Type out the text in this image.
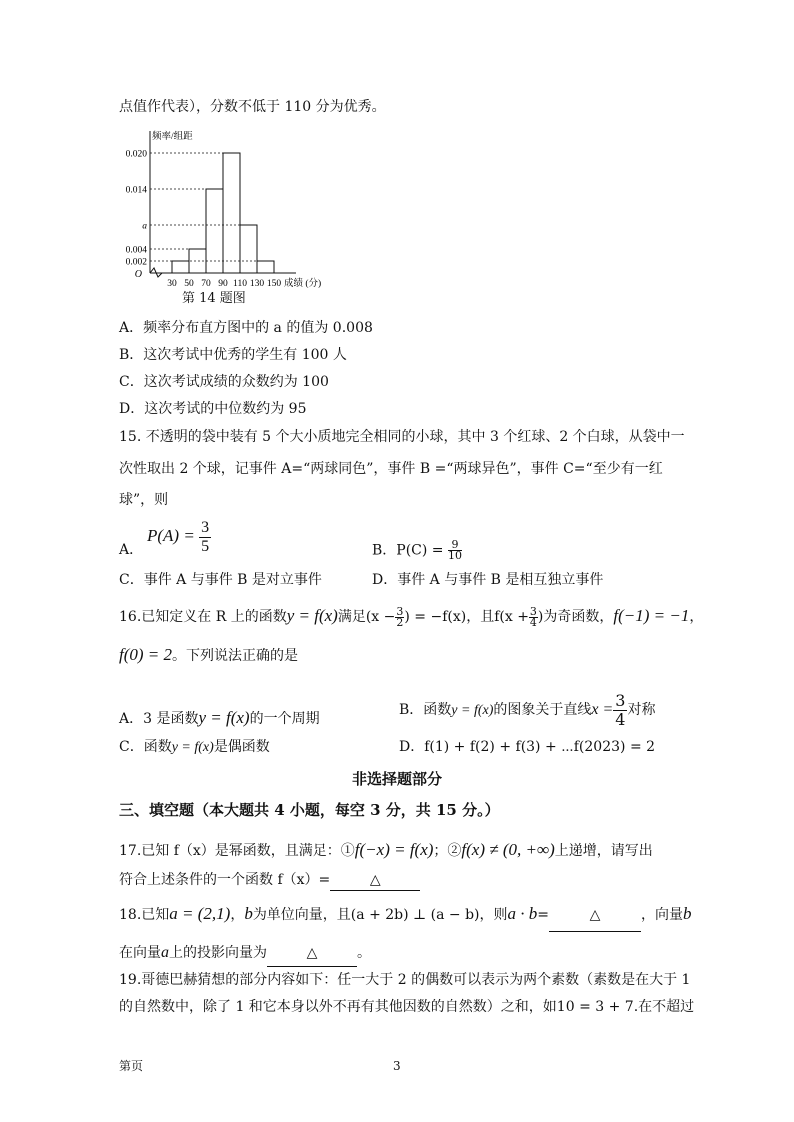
点值作代表），分数不低于 110 分为优秀。
0.020
0.014
a
0.004
0.002
30 50 70 90 110 130 150 成绩 (分)
O
频率/组距
第 14 题图
A．频率分布直方图中的 a 的值为 0.008
B．这次考试中优秀的学生有 100 人
C．这次考试成绩的众数约为 100
D．这次考试的中位数约为 95
15. 不透明的袋中装有 5 个大小质地完全相同的小球，其中 3 个红球、2 个白球，从袋中一
次性取出 2 个球，记事件 A=“两球同色”，事件 B =“两球异色”，事件 C=“至少有一红
球”，则
A．
$P(A) = \frac{3}{5}$	B．$P(C) = \frac{9}{10}$
C．事件 A 与事件 B 是对立事件	D．事件 A 与事件 B 是相互独立事件
16.已知定义在 R 上的函数y = f(x)满足($x - \frac{3}{2}$ ) = −f(x)，且$f(x + \frac{3}{4}$ )为奇函数，f(−1) = −1，
f(0) = 2。下列说法正确的是
A．3 是函数y = f(x)的一个周期
B．函数y = f(x)的图象关于直线$x = \frac{3}{4}$对称
C．函数y = f(x)是偶函数	D．f(1) + f(2) + f(3) + ⋯f(2023) = 2
非选择题部分
三、填空题（本大题共 4 小题，每空 3 分，共 15 分。）
17.已知 f（x）是幂函数，且满足：①f(−x) = f(x)；②f(x) ≠ (0, +∞)上递增，请写出
符合上述条件的一个函数 f（x）=	△
18.已知a = (2,1)，b为单位向量，且(a + 2b) ⊥ (a − b)，则a · b=	△	，向量b
在向量a上的投影向量为	△	。
19.哥德巴赫猜想的部分内容如下：任一大于 2 的偶数可以表示为两个素数（素数是在大于 1
的自然数中，除了 1 和它本身以外不再有其他因数的自然数）之和，如10 = 3 + 7.在不超过
第页	3
